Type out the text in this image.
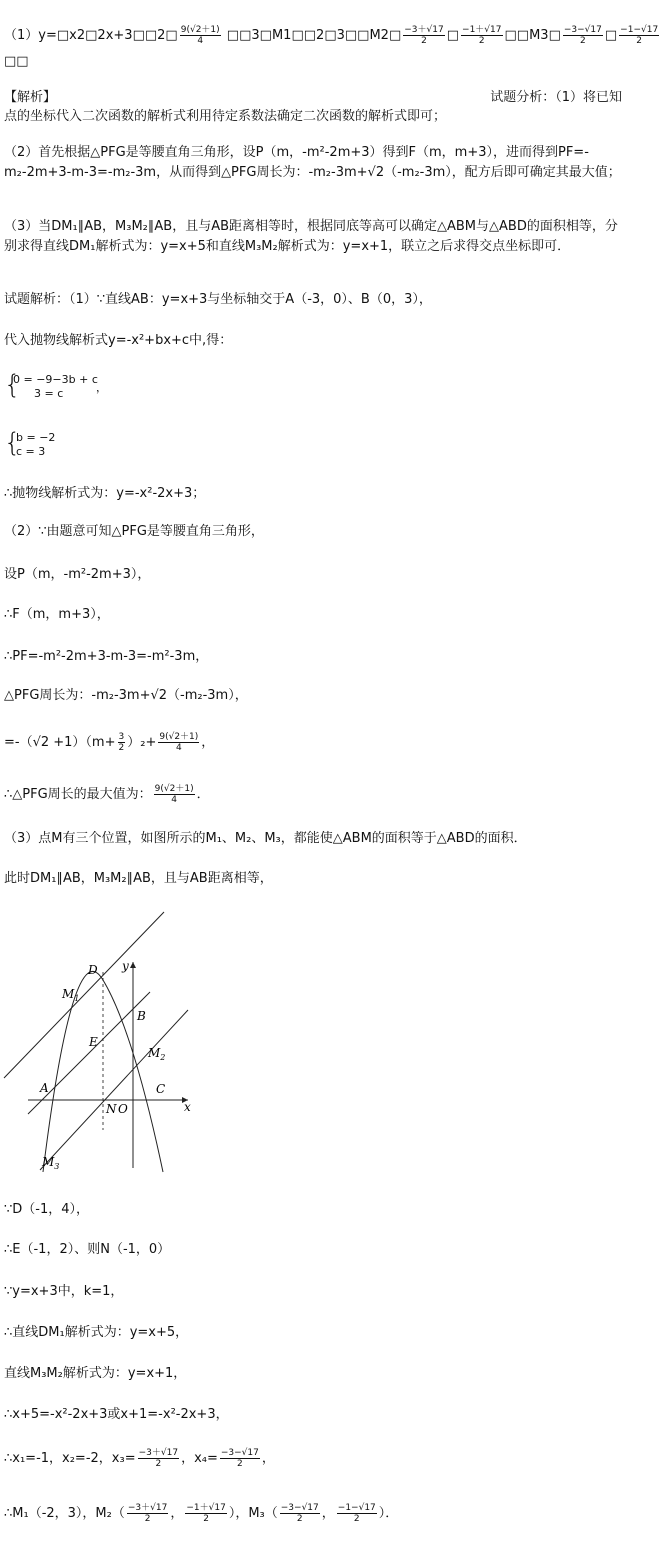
（1）y=□x2□2x+3□□2□ $\frac{9(√2+1)}{4}$ □□3□M1□□2□3□□M2□ $\frac{-3+√17}{2}$ □ $\frac{-1+√17}{2}$ □□M3□ $\frac{-3-√17}{2}$ □ $\frac{-1-√17}{2}$
□□
【解析】	试题分析：（1）将已知
点的坐标代入二次函数的解析式利用待定系数法确定二次函数的解析式即可；
（2）首先根据△PFG是等腰直角三角形，设P（m，-m²-2m+3）得到F（m，m+3），进而得到PF=-m₂-2m+3-m-3=-m₂-3m，从而得到△PFG周长为：-m₂-3m+√2（-m₂-3m），配方后即可确定其最大值；
（3）当DM₁∥AB，M₃M₂∥AB，且与AB距离相等时，根据同底等高可以确定△ABM与△ABD的面积相等，分别求得直线DM₁解析式为：y=x+5和直线M₃M₂解析式为：y=x+1，联立之后求得交点坐标即可．
试题解析：（1）∵直线AB：y=x+3与坐标轴交于A（-3，0）、B（0，3），
代入抛物线解析式y=-x²+bx+c中,得：
{
0 = −9−3b + c
3 = c	，
{
b = −2
c = 3
∴抛物线解析式为：y=-x²-2x+3；
（2）∵由题意可知△PFG是等腰直角三角形，
设P（m，-m²-2m+3），
∴F（m，m+3），
∴PF=-m²-2m+3-m-3=-m²-3m，
△PFG周长为：-m₂-3m+√2（-m₂-3m），
$=-(√2 +1)(m+ \frac{3}{2} )_2+ \frac{9(√2+1)}{4}$ ，
∴△PFG周长的最大值为： $\frac{9(√2+1)}{4}$ ．
（3）点M有三个位置，如图所示的M₁、M₂、M₃，都能使△ABM的面积等于△ABD的面积．
此时DM₁∥AB，M₃M₂∥AB，且与AB距离相等，
D y
$M_1$
B
E
$M_2$
A	C
N O	x
$M_3$
∵D（-1，4），
∴E（-1，2）、则N（-1，0）
∵y=x+3中，k=1，
∴直线DM₁解析式为：y=x+5，
直线M₃M₂解析式为：y=x+1，
∴x+5=-x²-2x+3或x+1=-x²-2x+3，
∴x₁=-1，x₂=-2，$x_3= \frac{-3+√17}{2}$ ，$x_4= \frac{-3-√17}{2}$ ，
∴M₁（-2，3），$M_2( \frac{-3+√17}{2}$ ， $\frac{-1+√17}{2}$ ），$M_3( \frac{-3-√17}{2}$ ， $\frac{-1-√17}{2}$ ）．
